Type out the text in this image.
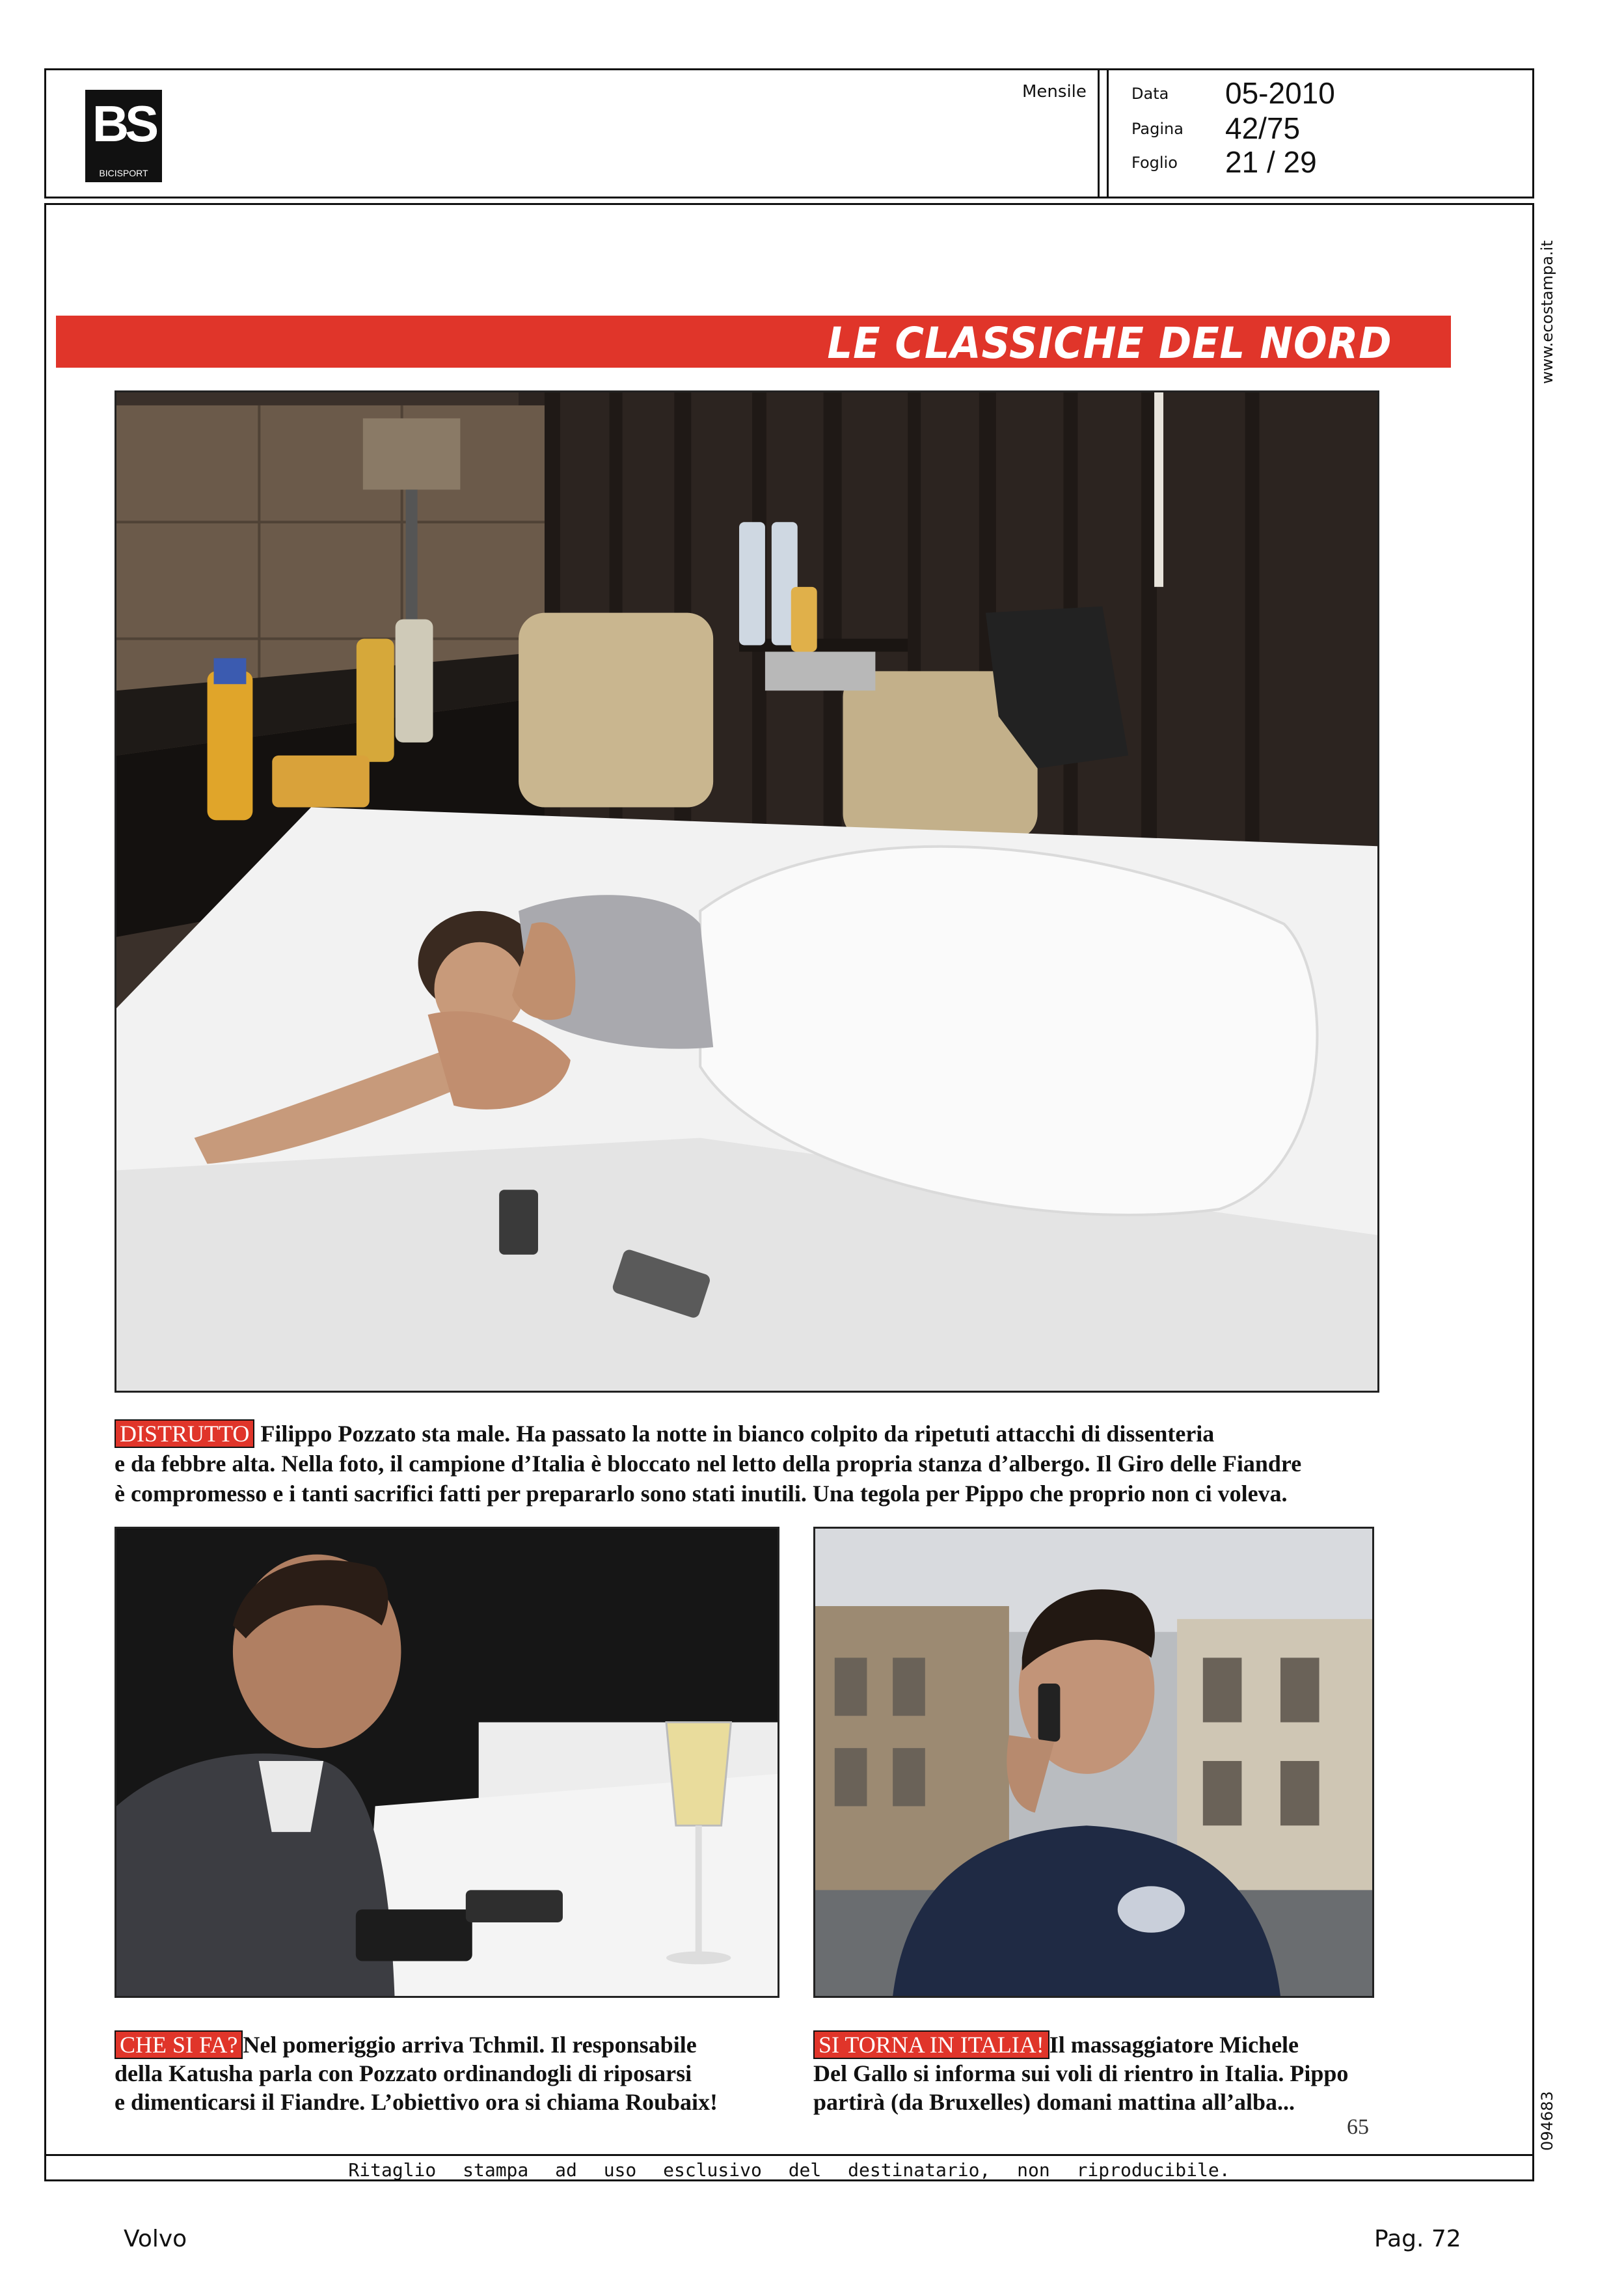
BS
BICISPORT
Mensile	Data 05-2010
Pagina 42/75
Foglio 21 / 29
www.ecostampa.it
LE CLASSICHE DEL NORD
DISTRUTTO Filippo Pozzato sta male. Ha passato la notte in bianco colpito da ripetuti attacchi di dissenteria
e da febbre alta. Nella foto, il campione d’Italia è bloccato nel letto della propria stanza d’albergo. Il Giro delle Fiandre
è compromesso e i tanti sacrifici fatti per prepararlo sono stati inutili. Una tegola per Pippo che proprio non ci voleva.
CHE SI FA? Nel pomeriggio arriva Tchmil. Il responsabile
della Katusha parla con Pozzato ordinandogli di riposarsi
e dimenticarsi il Fiandre. L’obiettivo ora si chiama Roubaix!
SI TORNA IN ITALIA! Il massaggiatore Michele
Del Gallo si informa sui voli di rientro in Italia. Pippo
partirà (da Bruxelles) domani mattina all’alba...
65	094683
Ritaglio stampa ad uso esclusivo del destinatario, non riproducibile.
Volvo	Pag. 72
